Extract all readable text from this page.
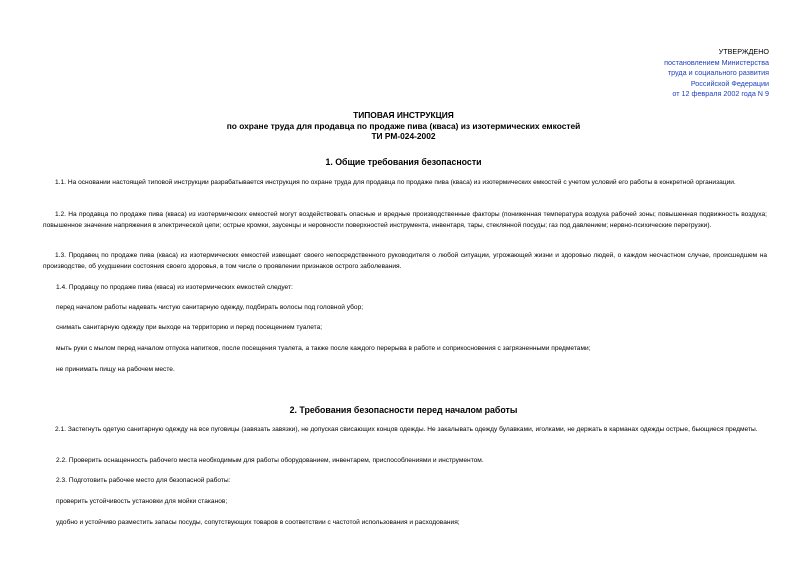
УТВЕРЖДЕНО
постановлением Министерства
труда и социального развития
Российской Федерации
от 12 февраля 2002 года N 9
ТИПОВАЯ ИНСТРУКЦИЯ
по охране труда для продавца по продаже пива (кваса) из изотермических емкостей
ТИ РМ-024-2002
1. Общие требования безопасности
1.1. На основании настоящей типовой инструкции разрабатывается инструкция по охране труда для продавца по продаже пива (кваса) из изотермических емкостей с учетом условий его работы в конкретной организации.
1.2. На продавца по продаже пива (кваса) из изотермических емкостей могут воздействовать опасные и вредные производственные факторы (пониженная температура воздуха рабочей зоны; повышенная подвижность воздуха; повышенное значение напряжения в электрической цепи; острые кромки, заусенцы и неровности поверхностей инструмента, инвентаря, тары, стеклянной посуды; газ под давлением; нервно-психические перегрузки).
1.3. Продавец по продаже пива (кваса) из изотермических емкостей извещает своего непосредственного руководителя о любой ситуации, угрожающей жизни и здоровью людей, о каждом несчастном случае, происшедшем на производстве, об ухудшении состояния своего здоровья, в том числе о проявлении признаков острого заболевания.
1.4. Продавцу по продаже пива (кваса) из изотермических емкостей следует:
перед началом работы надевать чистую санитарную одежду, подбирать волосы под головной убор;
снимать санитарную одежду при выходе на территорию и перед посещением туалета;
мыть руки с мылом перед началом отпуска напитков, после посещения туалета, а также после каждого перерыва в работе и соприкосновения с загрязненными предметами;
не принимать пищу на рабочем месте.
2. Требования безопасности перед началом работы
2.1. Застегнуть одетую санитарную одежду на все пуговицы (завязать завязки), не допуская свисающих концов одежды. Не закалывать одежду булавками, иголками, не держать в карманах одежды острые, бьющиеся предметы.
2.2. Проверить оснащенность рабочего места необходимым для работы оборудованием, инвентарем, приспособлениями и инструментом.
2.3. Подготовить рабочее место для безопасной работы:
проверить устойчивость установки для мойки стаканов;
удобно и устойчиво разместить запасы посуды, сопутствующих товаров в соответствии с частотой использования и расходования;
